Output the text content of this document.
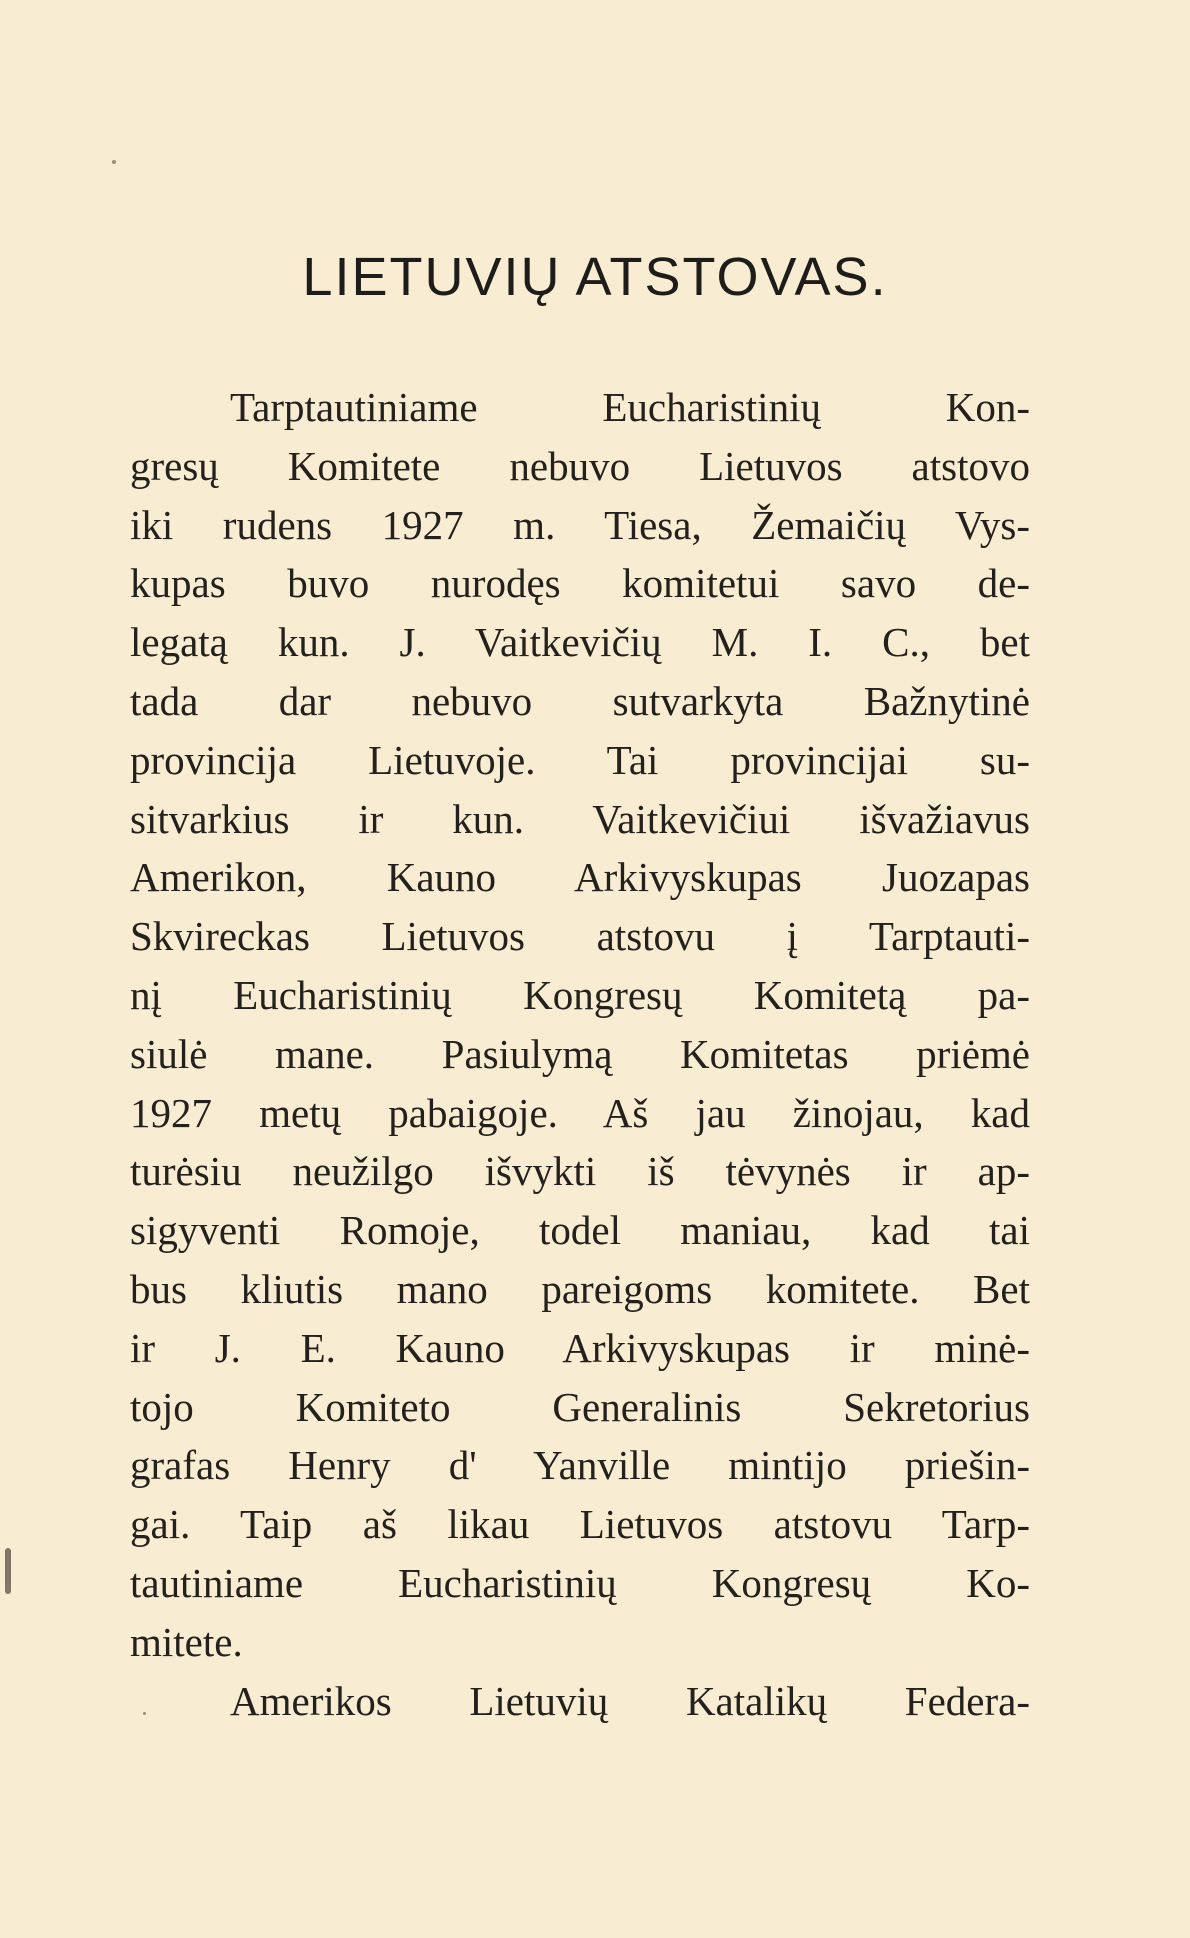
LIETUVIŲ ATSTOVAS.
Tarptautiniame Eucharistinių Kon-
gresų Komitete nebuvo Lietuvos atstovo
iki rudens 1927 m. Tiesa, Žemaičių Vys-
kupas buvo nurodęs komitetui savo de-
legatą kun. J. Vaitkevičių M. I. C., bet
tada dar nebuvo sutvarkyta Bažnytinė
provincija Lietuvoje. Tai provincijai su-
sitvarkius ir kun. Vaitkevičiui išvažiavus
Amerikon, Kauno Arkivyskupas Juozapas
Skvireckas Lietuvos atstovu į Tarptauti-
nį Eucharistinių Kongresų Komitetą pa-
siulė mane. Pasiulymą Komitetas priėmė
1927 metų pabaigoje. Aš jau žinojau, kad
turėsiu neužilgo išvykti iš tėvynės ir ap-
sigyventi Romoje, todel maniau, kad tai
bus kliutis mano pareigoms komitete. Bet
ir J. E. Kauno Arkivyskupas ir minė-
tojo Komiteto Generalinis Sekretorius
grafas Henry d' Yanville mintijo priešin-
gai. Taip aš likau Lietuvos atstovu Tarp-
tautiniame Eucharistinių Kongresų Ko-
mitete.
Amerikos Lietuvių Katalikų Federa-
